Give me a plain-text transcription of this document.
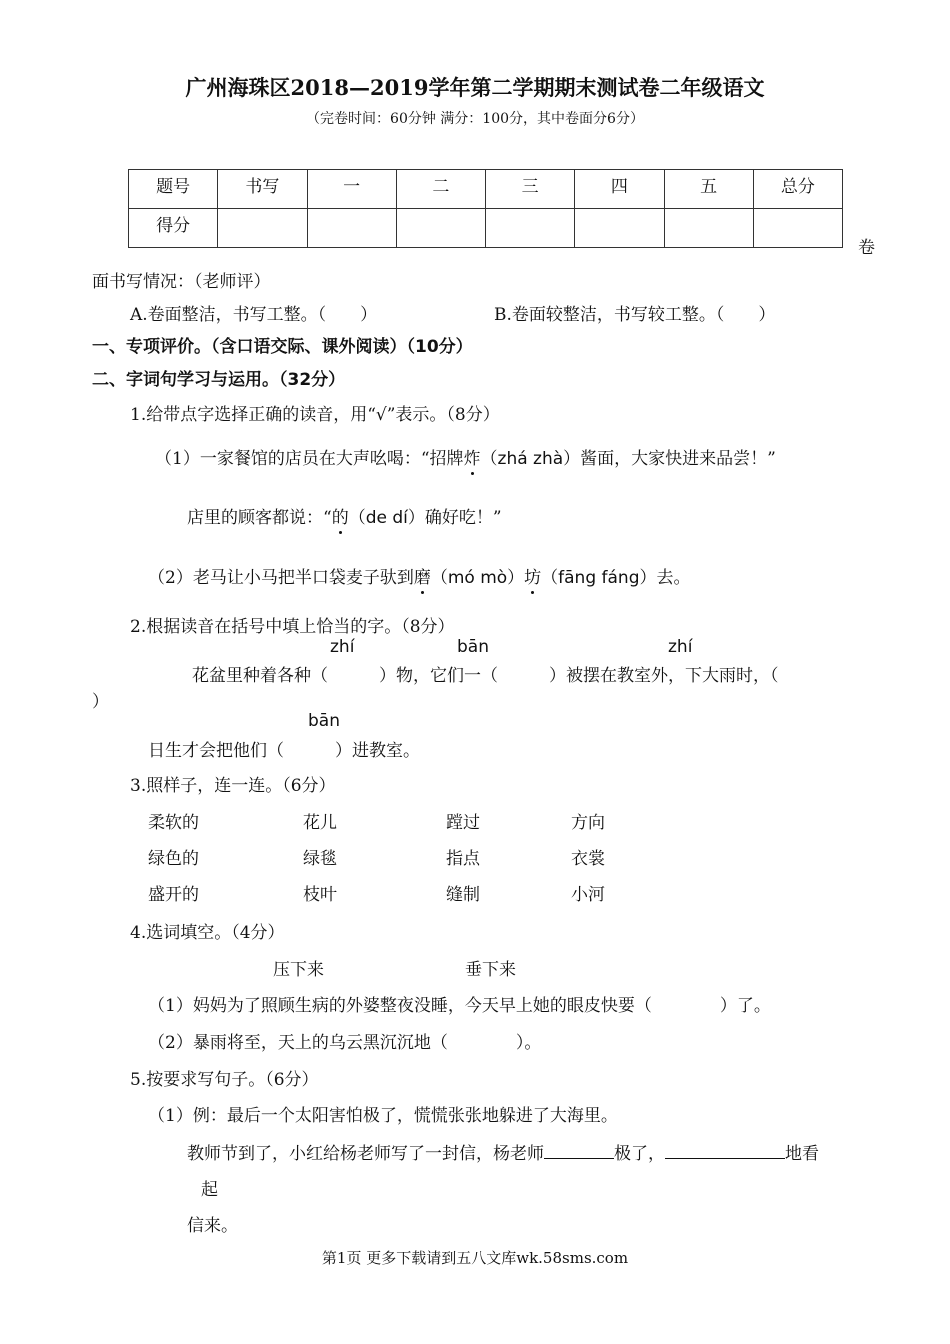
广州海珠区2018—2019学年第二学期期末测试卷二年级语文
（完卷时间：60分钟 满分：100分，其中卷面分6分）
题号	书写	一	二	三	四	五	总分
得分							
卷
面书写情况：（老师评）
A.卷面整洁，书写工整。（　　）	B.卷面较整洁，书写较工整。（　　）
一、专项评价。（含口语交际、课外阅读）（10分）
二、字词句学习与运用。（32分）
1.给带点字选择正确的读音，用“√”表示。（8分）
（1）一家餐馆的店员在大声吆喝：“招牌炸（zhá zhà）酱面，大家快进来品尝！”
店里的顾客都说：“的（de dí）确好吃！”
（2）老马让小马把半口袋麦子驮到磨（mó mò）坊（fāng fáng）去。
2.根据读音在括号中填上恰当的字。（8分）
zhí	bān	zhí
花盆里种着各种（　　　）物，它们一（　　　）被摆在教室外，下大雨时，（
）
bān
日生才会把他们（　　　）进教室。
3.照样子，连一连。（6分）
柔软的	花儿	蹚过	方向
绿色的	绿毯	指点	衣裳
盛开的	枝叶	缝制	小河
4.选词填空。（4分）
压下来	垂下来
（1）妈妈为了照顾生病的外婆整夜没睡，今天早上她的眼皮快要（　　　　）了。
（2）暴雨将至，天上的乌云黑沉沉地（　　　　）。
5.按要求写句子。（6分）
（1）例：最后一个太阳害怕极了，慌慌张张地躲进了大海里。
教师节到了，小红给杨老师写了一封信，杨老师	极了，	地看
起
信来。
第1页 更多下载请到五八文库wk.58sms.com
